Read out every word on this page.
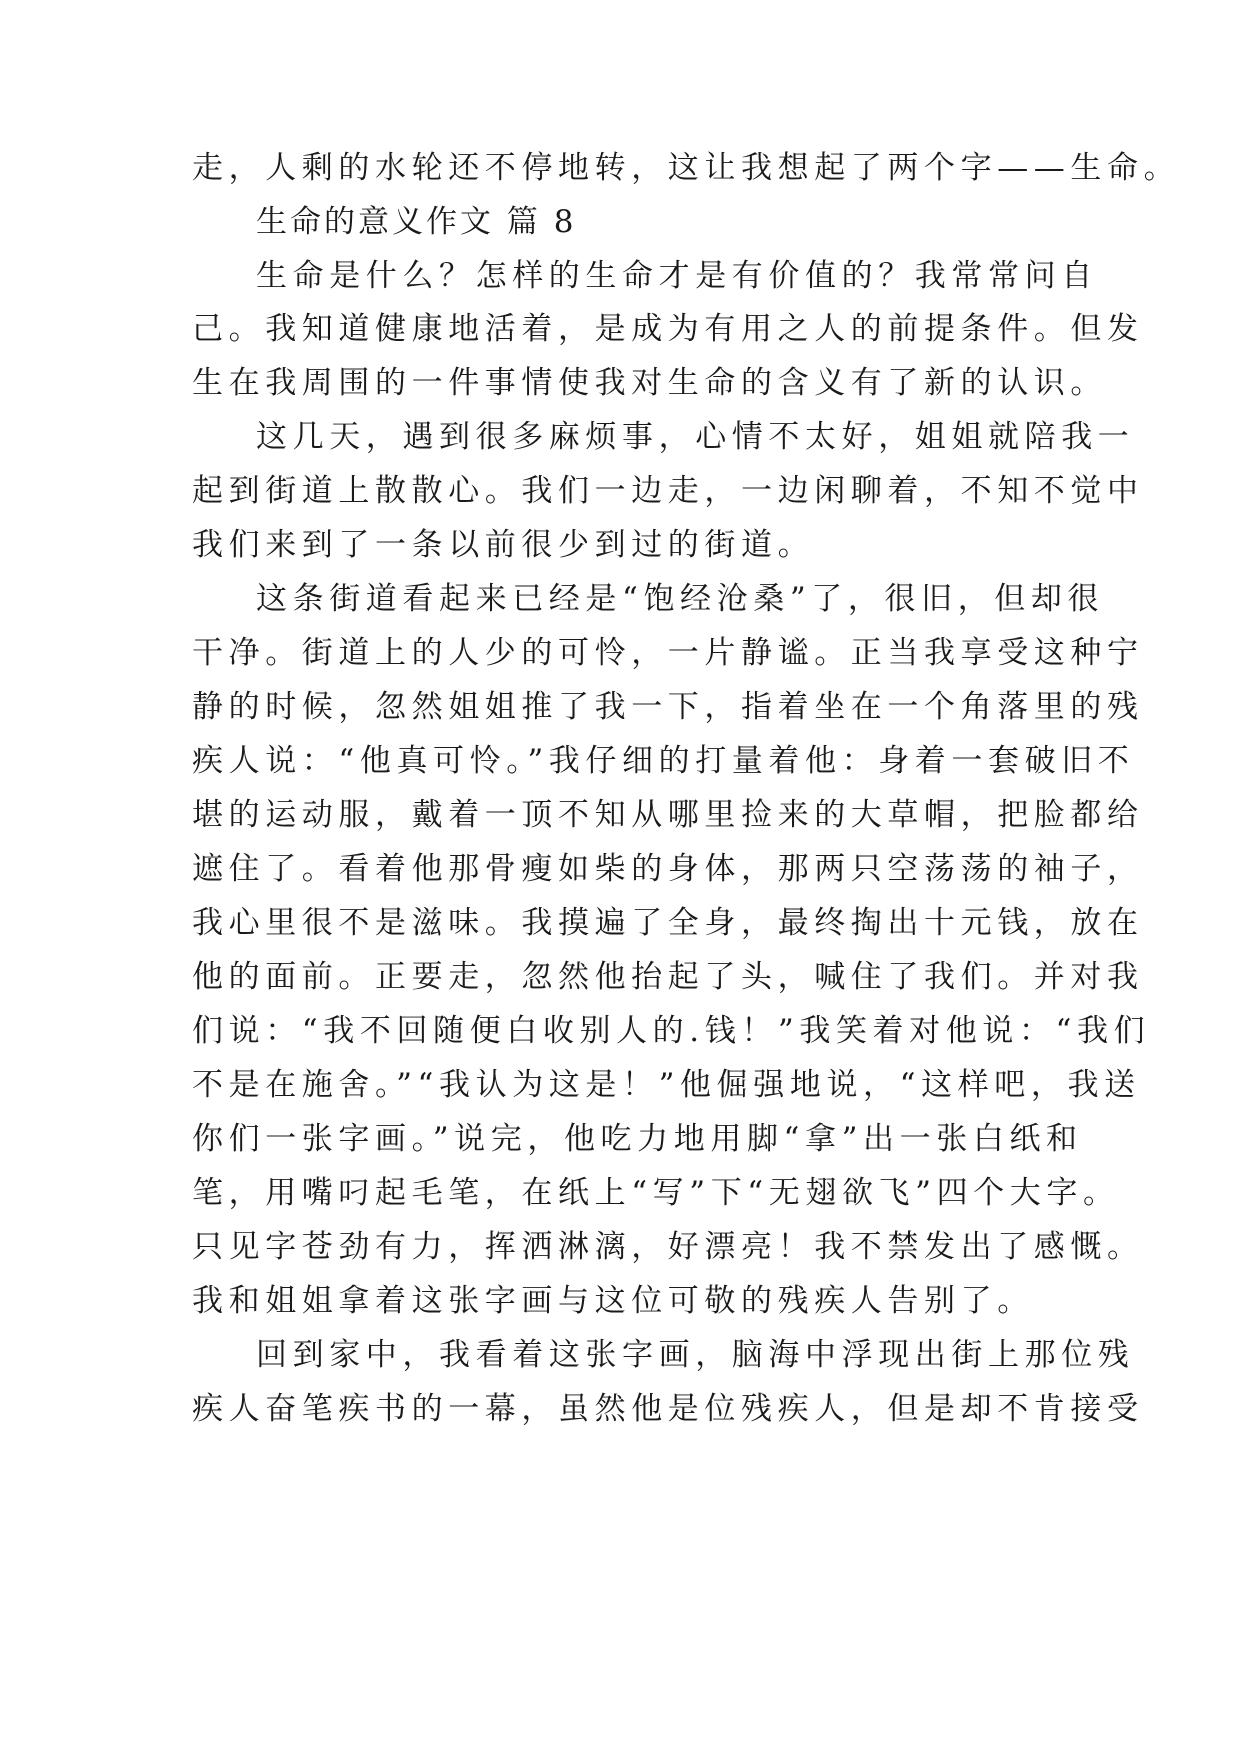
走，人剩的水轮还不停地转，这让我想起了两个字——生命。
生命的意义作文 篇 8
生命是什么？怎样的生命才是有价值的？我常常问自
己。我知道健康地活着，是成为有用之人的前提条件。但发
生在我周围的一件事情使我对生命的含义有了新的认识。
这几天，遇到很多麻烦事，心情不太好，姐姐就陪我一
起到街道上散散心。我们一边走，一边闲聊着，不知不觉中
我们来到了一条以前很少到过的街道。
这条街道看起来已经是“饱经沧桑”了，很旧，但却很
干净。街道上的人少的可怜，一片静谧。正当我享受这种宁
静的时候，忽然姐姐推了我一下，指着坐在一个角落里的残
疾人说：“他真可怜。”我仔细的打量着他：身着一套破旧不
堪的运动服，戴着一顶不知从哪里捡来的大草帽，把脸都给
遮住了。看着他那骨瘦如柴的身体，那两只空荡荡的袖子，
我心里很不是滋味。我摸遍了全身，最终掏出十元钱，放在
他的面前。正要走，忽然他抬起了头，喊住了我们。并对我
们说：“我不回随便白收别人的.钱！”我笑着对他说：“我们
不是在施舍。”“我认为这是！”他倔强地说，“这样吧，我送
你们一张字画。”说完，他吃力地用脚“拿”出一张白纸和
笔，用嘴叼起毛笔，在纸上“写”下“无翅欲飞”四个大字。
只见字苍劲有力，挥洒淋漓，好漂亮！我不禁发出了感慨。
我和姐姐拿着这张字画与这位可敬的残疾人告别了。
回到家中，我看着这张字画，脑海中浮现出街上那位残
疾人奋笔疾书的一幕，虽然他是位残疾人，但是却不肯接受
